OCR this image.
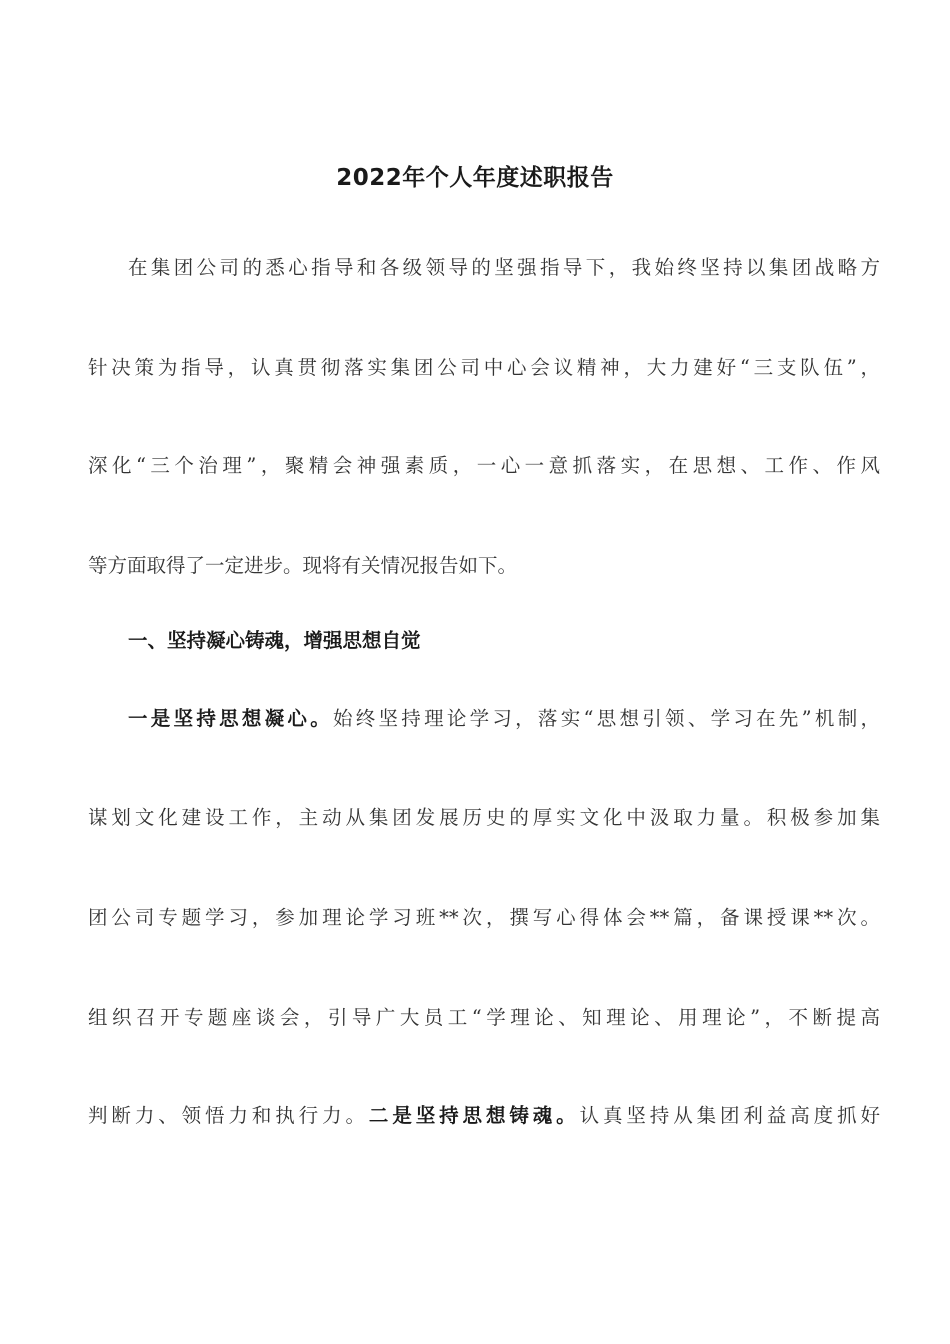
2022年个人年度述职报告
在集团公司的悉心指导和各级领导的坚强指导下，我始终坚持以集团战略方
针决策为指导，认真贯彻落实集团公司中心会议精神，大力建好“三支队伍”，
深化“三个治理”，聚精会神强素质，一心一意抓落实，在思想、工作、作风
等方面取得了一定进步。现将有关情况报告如下。
一、坚持凝心铸魂，增强思想自觉
一是坚持思想凝心。始终坚持理论学习，落实“思想引领、学习在先”机制，
谋划文化建设工作，主动从集团发展历史的厚实文化中汲取力量。积极参加集
团公司专题学习，参加理论学习班**次，撰写心得体会**篇，备课授课**次。
组织召开专题座谈会，引导广大员工“学理论、知理论、用理论”，不断提高
判断力、领悟力和执行力。二是坚持思想铸魂。认真坚持从集团利益高度抓好
